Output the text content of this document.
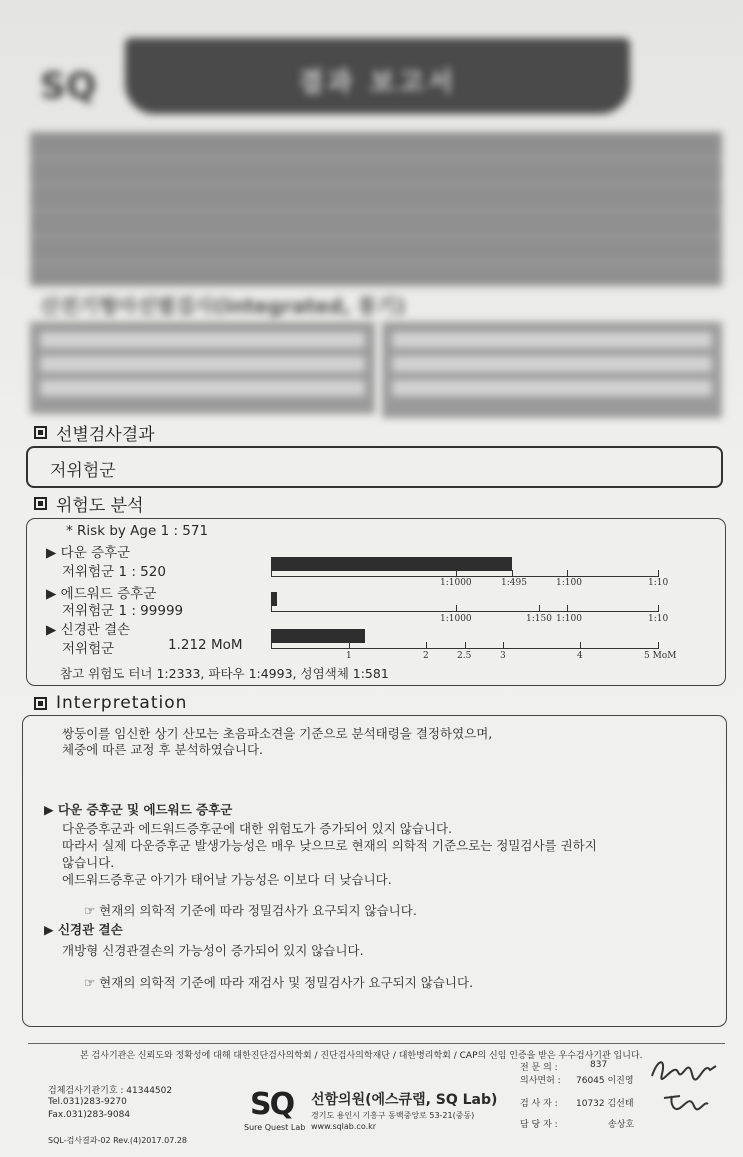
SQ	결과 보고서
산전기형아선별검사(Integrated, 통기)
선별검사결과
저위험군
위험도 분석
* Risk by Age 1 : 571
▶ 다운 증후군
저위험군 1 : 520
▶ 에드워드 증후군
저위험군 1 : 99999
▶ 신경관 결손
저위험군	1.212 MoM
1:1000	1:495	1:100	1:10
1:1000	1:150 1:100	1:10
1	2	2.5	3	4	5 MoM
참고 위험도 터너 1:2333, 파타우 1:4993, 성염색체 1:581
Interpretation
쌍둥이를 임신한 상기 산모는 초음파소견을 기준으로 분석태령을 결정하였으며,
체중에 따른 교정 후 분석하였습니다.
▶ 다운 증후군 및 에드워드 증후군
다운증후군과 에드워드증후군에 대한 위험도가 증가되어 있지 않습니다.
따라서 실제 다운증후군 발생가능성은 매우 낮으므로 현재의 의학적 기준으로는 정밀검사를 권하지
않습니다.
에드워드증후군 아기가 태어날 가능성은 이보다 더 낮습니다.
☞ 현재의 의학적 기준에 따라 정밀검사가 요구되지 않습니다.
▶ 신경관 결손
개방형 신경관결손의 가능성이 증가되어 있지 않습니다.
☞ 현재의 의학적 기준에 따라 재검사 및 정밀검사가 요구되지 않습니다.
본 검사기관은 신뢰도와 정확성에 대해 대한진단검사의학회 / 진단검사의학재단 / 대한병리학회 / CAP의 신임 인증을 받은 우수검사기관 입니다.
검체검사기관기호 : 41344502
Tel.031)283-9270
Fax.031)283-9084
SQL-검사결과-02 Rev.(4)2017.07.28
SQ
Sure Quest Lab
선함의원(에스큐랩, SQ Lab)
경기도 용인시 기흥구 동백중앙로 53-21(중동)
www.sqlab.co.kr
전 문 의 :	837
의사면허 : 76045 이진영
검 사 자 : 10732 김선태
담 당 자 :	송상호
